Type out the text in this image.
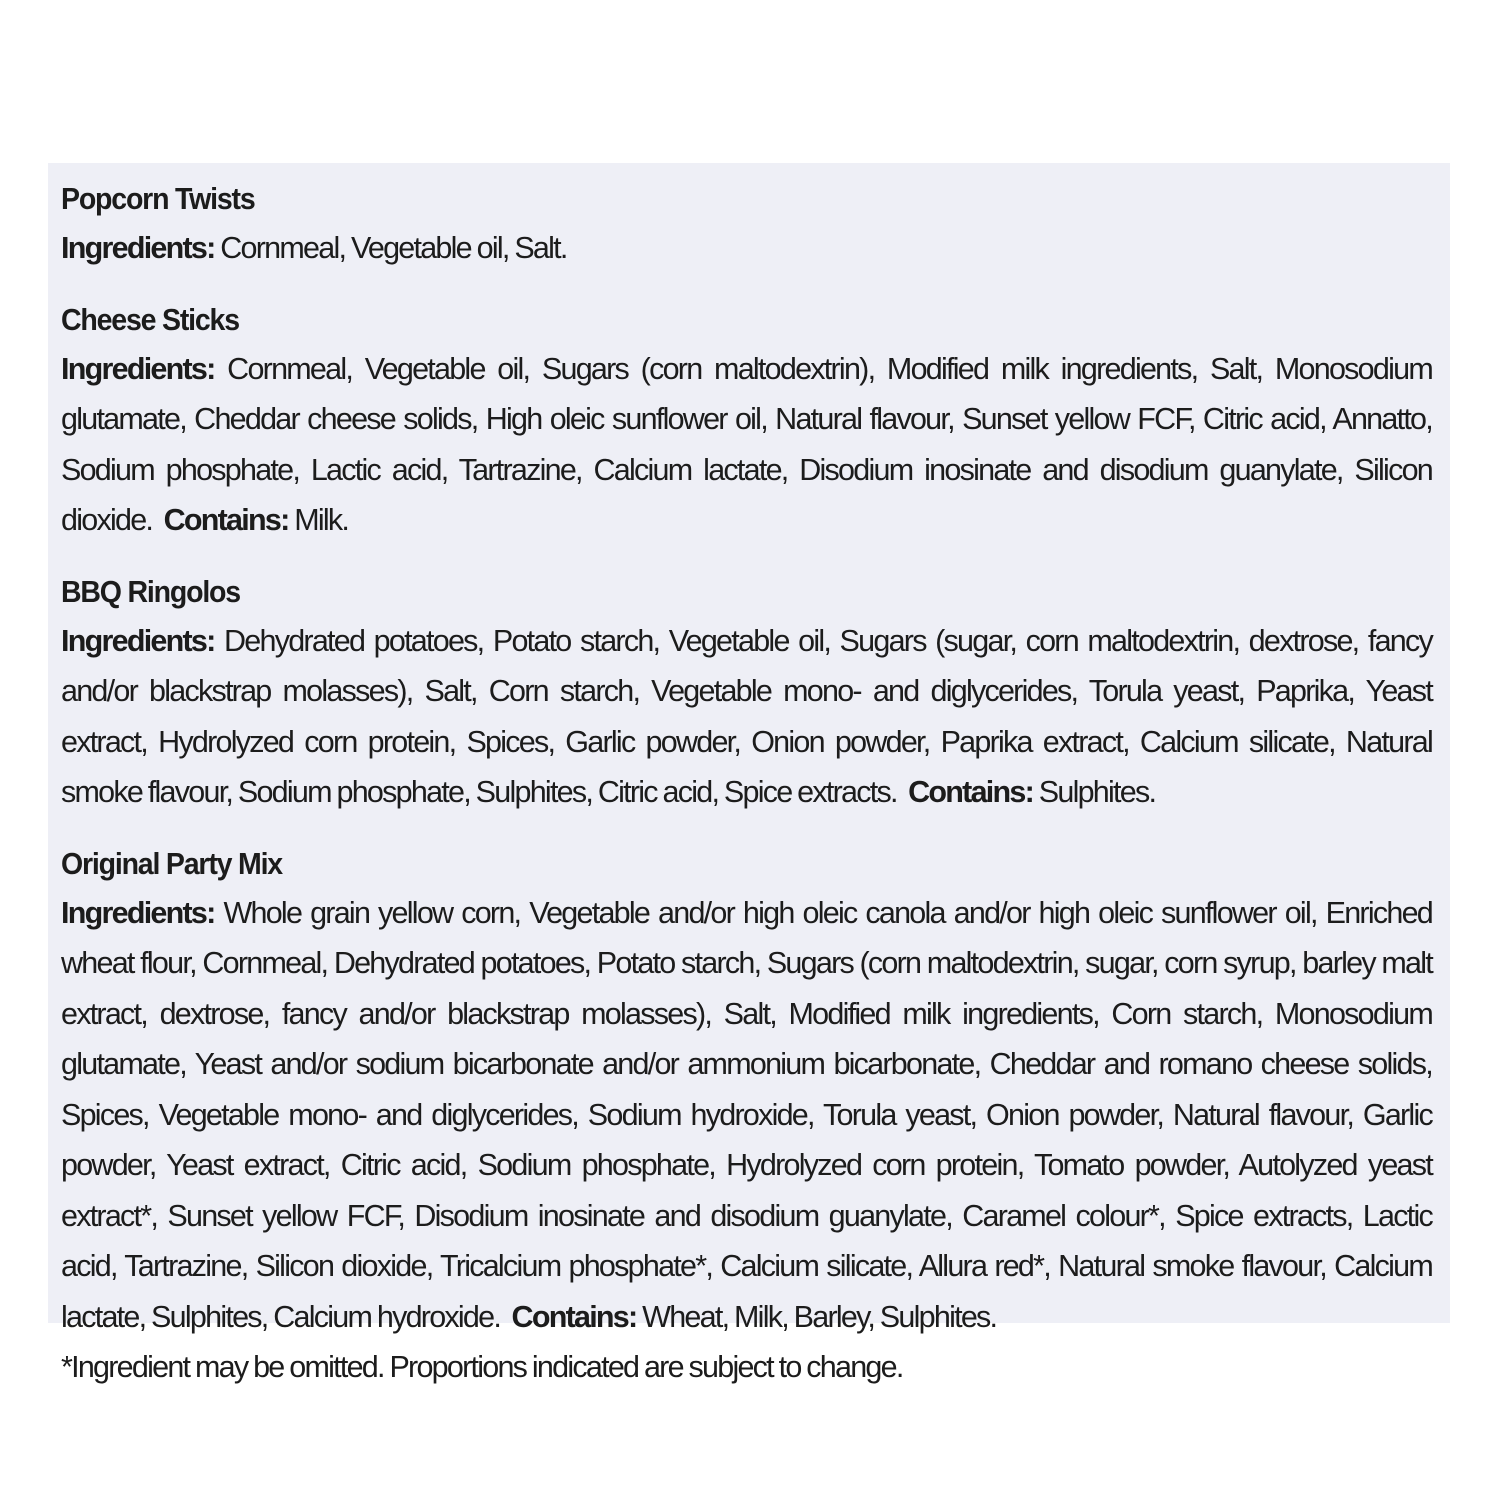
Popcorn Twists

Ingredients: Cornmeal, Vegetable oil, Salt.

Cheese Sticks

Ingredients: Cornmeal, Vegetable oil, Sugars (corn maltodextrin), Modified milk ingredients, Salt, Monosodium glutamate, Cheddar cheese solids, High oleic sunflower oil, Natural flavour, Sunset yellow FCF, Citric acid, Annatto, Sodium phosphate, Lactic acid, Tartrazine, Calcium lactate, Disodium inosinate and disodium guanylate, Silicon dioxide. Contains: Milk.

BBQ Ringolos

Ingredients: Dehydrated potatoes, Potato starch, Vegetable oil, Sugars (sugar, corn maltodextrin, dextrose, fancy and/or blackstrap molasses), Salt, Corn starch, Vegetable mono- and diglycerides, Torula yeast, Paprika, Yeast extract, Hydrolyzed corn protein, Spices, Garlic powder, Onion powder, Paprika extract, Calcium silicate, Natural smoke flavour, Sodium phosphate, Sulphites, Citric acid, Spice extracts. Contains: Sulphites.

Original Party Mix

Ingredients: Whole grain yellow corn, Vegetable and/or high oleic canola and/or high oleic sunflower oil, Enriched wheat flour, Cornmeal, Dehydrated potatoes, Potato starch, Sugars (corn maltodextrin, sugar, corn syrup, barley malt extract, dextrose, fancy and/or blackstrap molasses), Salt, Modified milk ingredients, Corn starch, Monosodium glutamate, Yeast and/or sodium bicarbonate and/or ammonium bicarbonate, Cheddar and romano cheese solids, Spices, Vegetable mono- and diglycerides, Sodium hydroxide, Torula yeast, Onion powder, Natural flavour, Garlic powder, Yeast extract, Citric acid, Sodium phosphate, Hydrolyzed corn protein, Tomato powder, Autolyzed yeast extract*, Sunset yellow FCF, Disodium inosinate and disodium guanylate, Caramel colour*, Spice extracts, Lactic acid, Tartrazine, Silicon dioxide, Tricalcium phosphate*, Calcium silicate, Allura red*, Natural smoke flavour, Calcium lactate, Sulphites, Calcium hydroxide. Contains: Wheat, Milk, Barley, Sulphites.

*Ingredient may be omitted. Proportions indicated are subject to change.
